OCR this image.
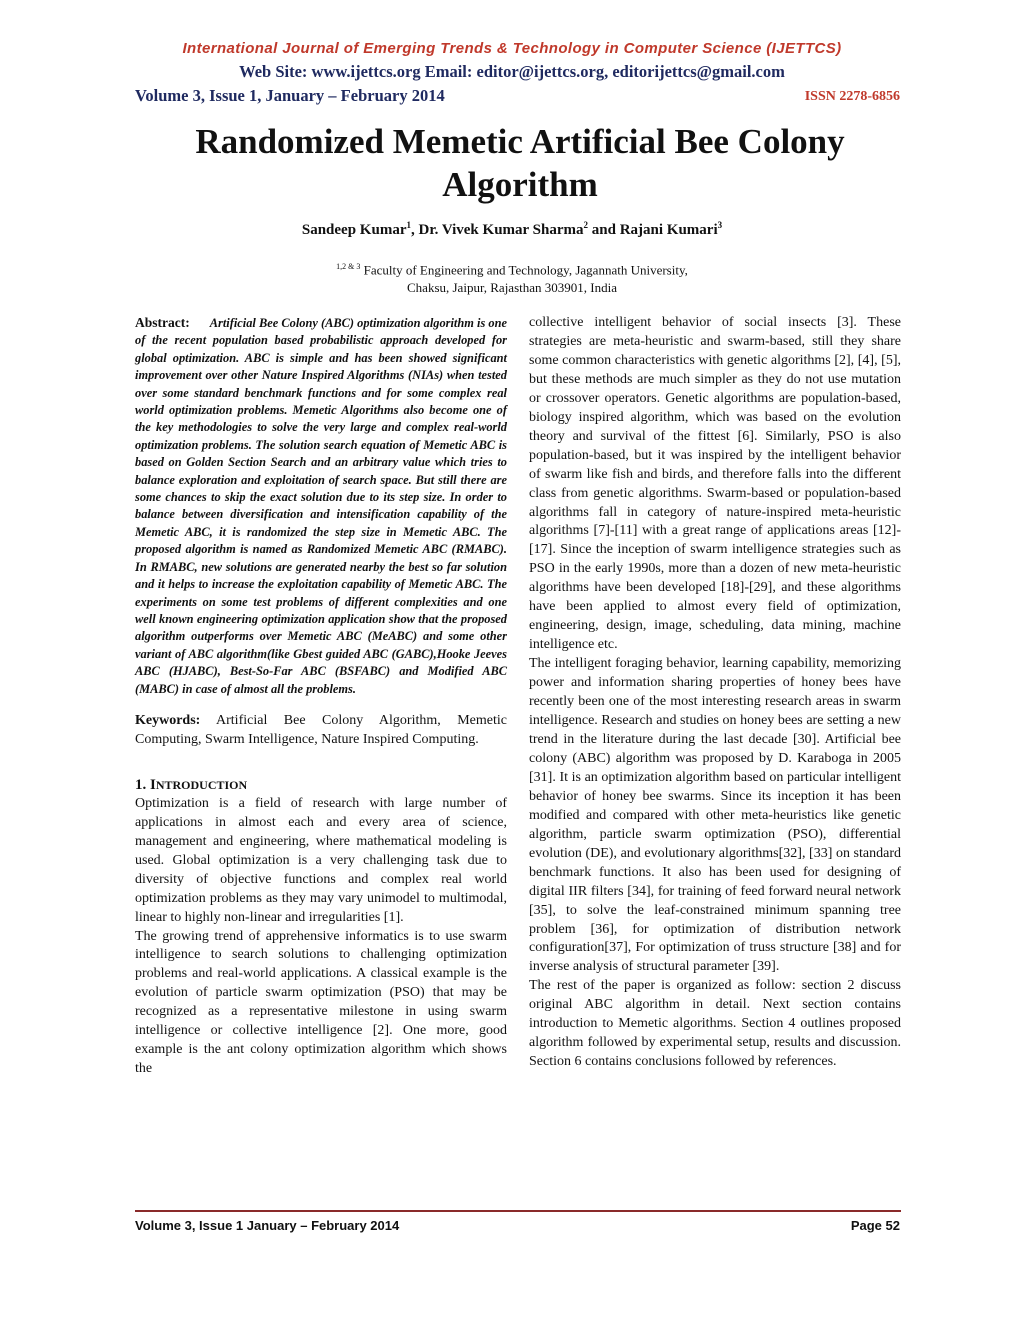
International Journal of Emerging Trends & Technology in Computer Science (IJETTCS)

Web Site: www.ijettcs.org Email: editor@ijettcs.org, editorijettcs@gmail.com
Volume 3, Issue 1, January – February 2014	ISSN 2278-6856
Randomized Memetic Artificial Bee Colony
Algorithm
Sandeep Kumar$^1$, Dr. Vivek Kumar Sharma$^2$ and Rajani Kumari$^3$
$^{1,2 \& 3}$ Faculty of Engineering and Technology, Jagannath University,
Chaksu, Jaipur, Rajasthan 303901, India

Abstract: Artificial Bee Colony (ABC) optimization algorithm is one of the recent population based probabilistic approach developed for global optimization. ABC is simple and has been showed significant improvement over other Nature Inspired Algorithms (NIAs) when tested over some standard benchmark functions and for some complex real world optimization problems. Memetic Algorithms also become one of the key methodologies to solve the very large and complex real-world optimization problems. The solution search equation of Memetic ABC is based on Golden Section Search and an arbitrary value which tries to balance exploration and exploitation of search space. But still there are some chances to skip the exact solution due to its step size. In order to balance between diversification and intensification capability of the Memetic ABC, it is randomized the step size in Memetic ABC. The proposed algorithm is named as Randomized Memetic ABC (RMABC). In RMABC, new solutions are generated nearby the best so far solution and it helps to increase the exploitation capability of Memetic ABC. The experiments on some test problems of different complexities and one well known engineering optimization application show that the proposed algorithm outperforms over Memetic ABC (MeABC) and some other variant of ABC algorithm(like Gbest guided ABC (GABC),Hooke Jeeves ABC (HJABC), Best-So-Far ABC (BSFABC) and Modified ABC (MABC) in case of almost all the problems.

Keywords: Artificial Bee Colony Algorithm, Memetic Computing, Swarm Intelligence, Nature Inspired Computing.

1. INTRODUCTION

Optimization is a field of research with large number of applications in almost each and every area of science, management and engineering, where mathematical modeling is used. Global optimization is a very challenging task due to diversity of objective functions and complex real world optimization problems as they may vary unimodel to multimodal, linear to highly non-linear and irregularities [1].

The growing trend of apprehensive informatics is to use swarm intelligence to search solutions to challenging optimization problems and real-world applications. A classical example is the evolution of particle swarm optimization (PSO) that may be recognized as a representative milestone in using swarm intelligence or collective intelligence [2]. One more, good example is the ant colony optimization algorithm which shows the

collective intelligent behavior of social insects [3]. These strategies are meta-heuristic and swarm-based, still they share some common characteristics with genetic algorithms [2], [4], [5], but these methods are much simpler as they do not use mutation or crossover operators. Genetic algorithms are population-based, biology inspired algorithm, which was based on the evolution theory and survival of the fittest [6]. Similarly, PSO is also population-based, but it was inspired by the intelligent behavior of swarm like fish and birds, and therefore falls into the different class from genetic algorithms. Swarm-based or population-based algorithms fall in category of nature-inspired meta-heuristic algorithms [7]-[11] with a great range of applications areas [12]-[17]. Since the inception of swarm intelligence strategies such as PSO in the early 1990s, more than a dozen of new meta-heuristic algorithms have been developed [18]-[29], and these algorithms have been applied to almost every field of optimization, engineering, design, image, scheduling, data mining, machine intelligence etc.

The intelligent foraging behavior, learning capability, memorizing power and information sharing properties of honey bees have recently been one of the most interesting research areas in swarm intelligence. Research and studies on honey bees are setting a new trend in the literature during the last decade [30]. Artificial bee colony (ABC) algorithm was proposed by D. Karaboga in 2005 [31]. It is an optimization algorithm based on particular intelligent behavior of honey bee swarms. Since its inception it has been modified and compared with other meta-heuristics like genetic algorithm, particle swarm optimization (PSO), differential evolution (DE), and evolutionary algorithms[32], [33] on standard benchmark functions. It also has been used for designing of digital IIR filters [34], for training of feed forward neural network [35], to solve the leaf-constrained minimum spanning tree problem [36], for optimization of distribution network configuration[37], For optimization of truss structure [38] and for inverse analysis of structural parameter [39].

The rest of the paper is organized as follow: section 2 discuss original ABC algorithm in detail. Next section contains introduction to Memetic algorithms. Section 4 outlines proposed algorithm followed by experimental setup, results and discussion. Section 6 contains conclusions followed by references.

Volume 3, Issue 1 January – February 2014	Page 52
